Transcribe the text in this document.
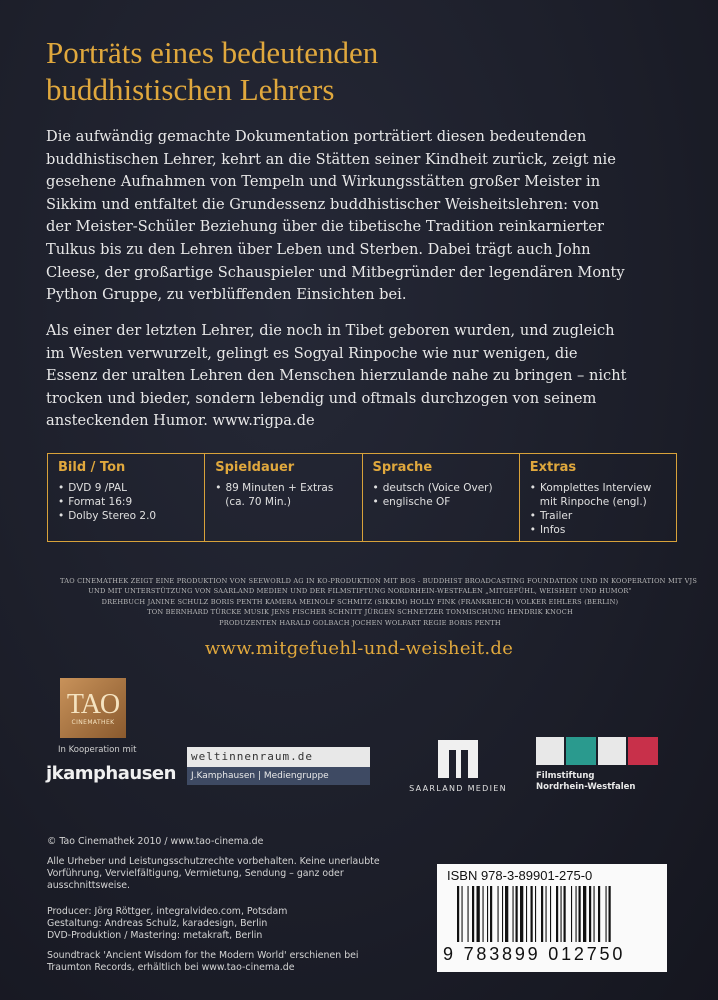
Porträts eines bedeutenden
buddhistischen Lehrers

Die aufwändig gemachte Dokumentation porträtiert diesen bedeutenden
buddhistischen Lehrer, kehrt an die Stätten seiner Kindheit zurück, zeigt nie
gesehene Aufnahmen von Tempeln und Wirkungsstätten großer Meister in
Sikkim und entfaltet die Grundessenz buddhistischer Weisheitslehren: von
der Meister-Schüler Beziehung über die tibetische Tradition reinkarnierter
Tulkus bis zu den Lehren über Leben und Sterben. Dabei trägt auch John
Cleese, der großartige Schauspieler und Mitbegründer der legendären Monty
Python Gruppe, zu verblüffenden Einsichten bei.

Als einer der letzten Lehrer, die noch in Tibet geboren wurden, und zugleich
im Westen verwurzelt, gelingt es Sogyal Rinpoche wie nur wenigen, die
Essenz der uralten Lehren den Menschen hierzulande nahe zu bringen – nicht
trocken und bieder, sondern lebendig und oftmals durchzogen von seinem
ansteckenden Humor. www.rigpa.de

Bild / Ton
• DVD 9 /PAL
• Format 16:9
• Dolby Stereo 2.0
Spieldauer
• 89 Minuten + Extras
(ca. 70 Min.)
Sprache
• deutsch (Voice Over)
• englische OF
Extras
• Komplettes Interview
mit Rinpoche (engl.)
• Trailer
• Infos
TAO CINEMATHEK ZEIGT EINE PRODUKTION VON SEEWORLD AG IN KO-PRODUKTION MIT BOS - BUDDHIST BROADCASTING FOUNDATION UND IN KOOPERATION MIT VJS
UND MIT UNTERSTÜTZUNG VON SAARLAND MEDIEN UND DER FILMSTIFTUNG NORDRHEIN-WESTFALEN „MITGEFÜHL, WEISHEIT UND HUMOR"
DREHBUCH JANINE SCHULZ BORIS PENTH KAMERA MEINOLF SCHMITZ (SIKKIM) HOLLY FINK (FRANKREICH) VOLKER EIHLERS (BERLIN)
TON BERNHARD TÜRCKE MUSIK JENS FISCHER SCHNITT JÜRGEN SCHNETZER TONMISCHUNG HENDRIK KNOCH
PRODUZENTEN HARALD GOLBACH JOCHEN WOLFART REGIE BORIS PENTH
www.mitgefuehl-und-weisheit.de
TAO
CINEMATHEK
In Kooperation mit
jkamphausen
weltinnenraum.de
J.Kamphausen | Mediengruppe
SAARLAND MEDIEN
Filmstiftung
Nordrhein-Westfalen
© Tao Cinemathek 2010 / www.tao-cinema.de
Alle Urheber und Leistungsschutzrechte vorbehalten. Keine unerlaubte
Vorführung, Vervielfältigung, Vermietung, Sendung – ganz oder
ausschnittsweise.
Producer: Jörg Röttger, integralvideo.com, Potsdam
Gestaltung: Andreas Schulz, karadesign, Berlin
DVD-Produktion / Mastering: metakraft, Berlin
Soundtrack 'Ancient Wisdom for the Modern World' erschienen bei
Traumton Records, erhältlich bei www.tao-cinema.de
ISBN 978-3-89901-275-0
9 783899 012750
